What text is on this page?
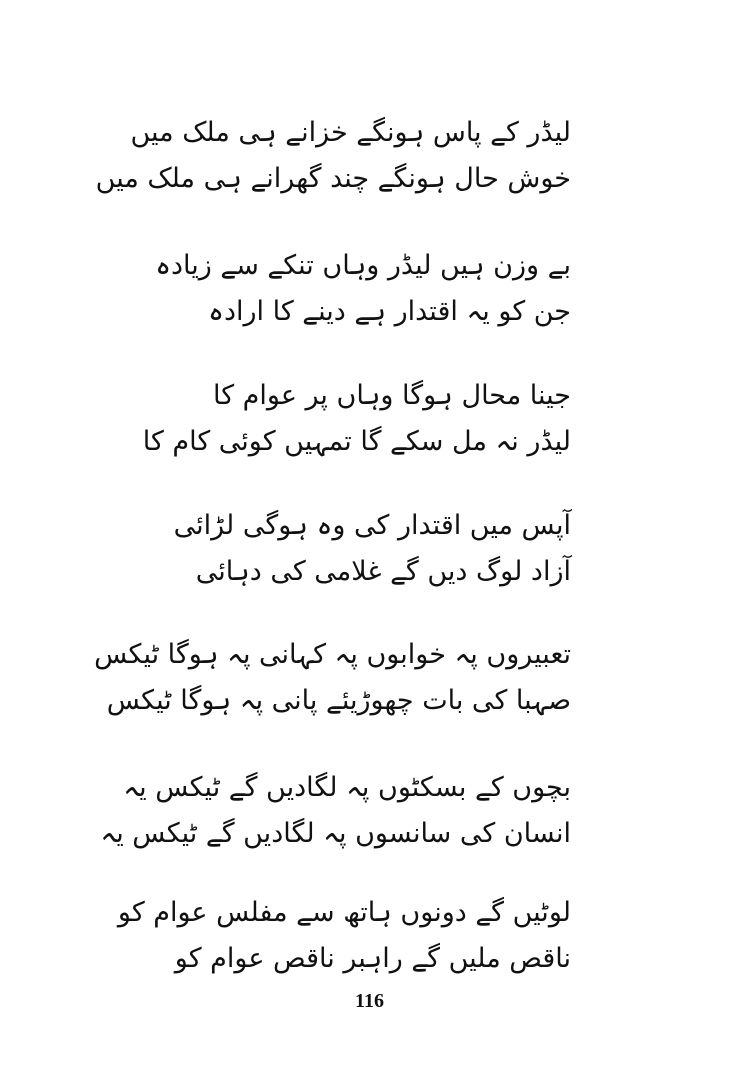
لیڈر کے پاس ہونگے خزانے ہی ملک میں
خوش حال ہونگے چند گھرانے ہی ملک میں
بے وزن ہیں لیڈر وہاں تنکے سے زیادہ
جن کو یہ اقتدار ہے دینے کا ارادہ
جینا محال ہوگا وہاں پر عوام کا
لیڈر نہ مل سکے گا تمہیں کوئی کام کا
آپس میں اقتدار کی وہ ہوگی لڑائی
آزاد لوگ دیں گے غلامی کی دہائی
تعبیروں پہ خوابوں پہ کہانی پہ ہوگا ٹیکس
صہبا کی بات چھوڑیئے پانی پہ ہوگا ٹیکس
بچوں کے بسکٹوں پہ لگادیں گے ٹیکس یہ
انسان کی سانسوں پہ لگادیں گے ٹیکس یہ
لوٹیں گے دونوں ہاتھ سے مفلس عوام کو
ناقص ملیں گے راہبر ناقص عوام کو
116
